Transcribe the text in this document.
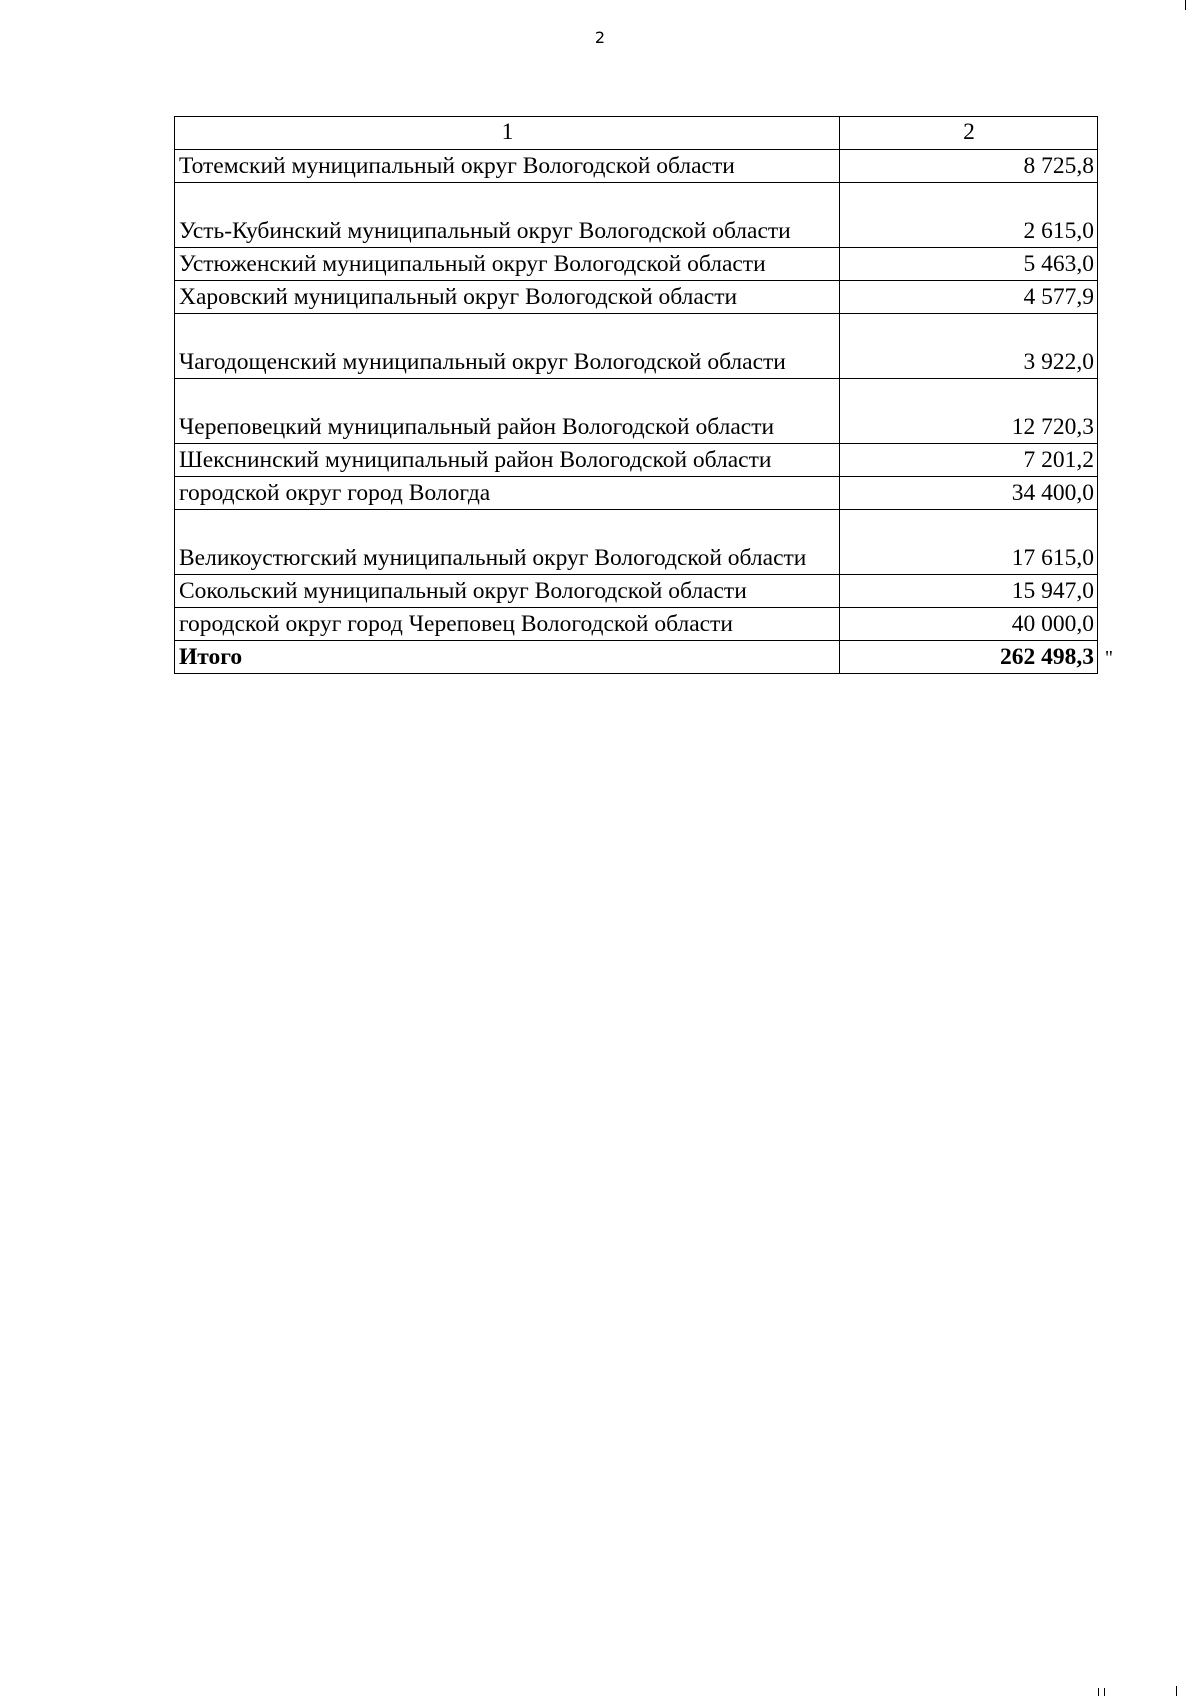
2
1	2
Тотемский муниципальный округ Вологодской области	8 725,8
Усть-Кубинский муниципальный округ Вологодской области	2 615,0
Устюженский муниципальный округ Вологодской области	5 463,0
Харовский муниципальный округ Вологодской области	4 577,9
Чагодощенский муниципальный округ Вологодской области	3 922,0
Череповецкий муниципальный район Вологодской области	12 720,3
Шекснинский муниципальный район Вологодской области	7 201,2
городской округ город Вологда	34 400,0
Великоустюгский муниципальный округ Вологодской области	17 615,0
Сокольский муниципальный округ Вологодской области	15 947,0
городской округ город Череповец Вологодской области	40 000,0
Итого	262 498,3 "
